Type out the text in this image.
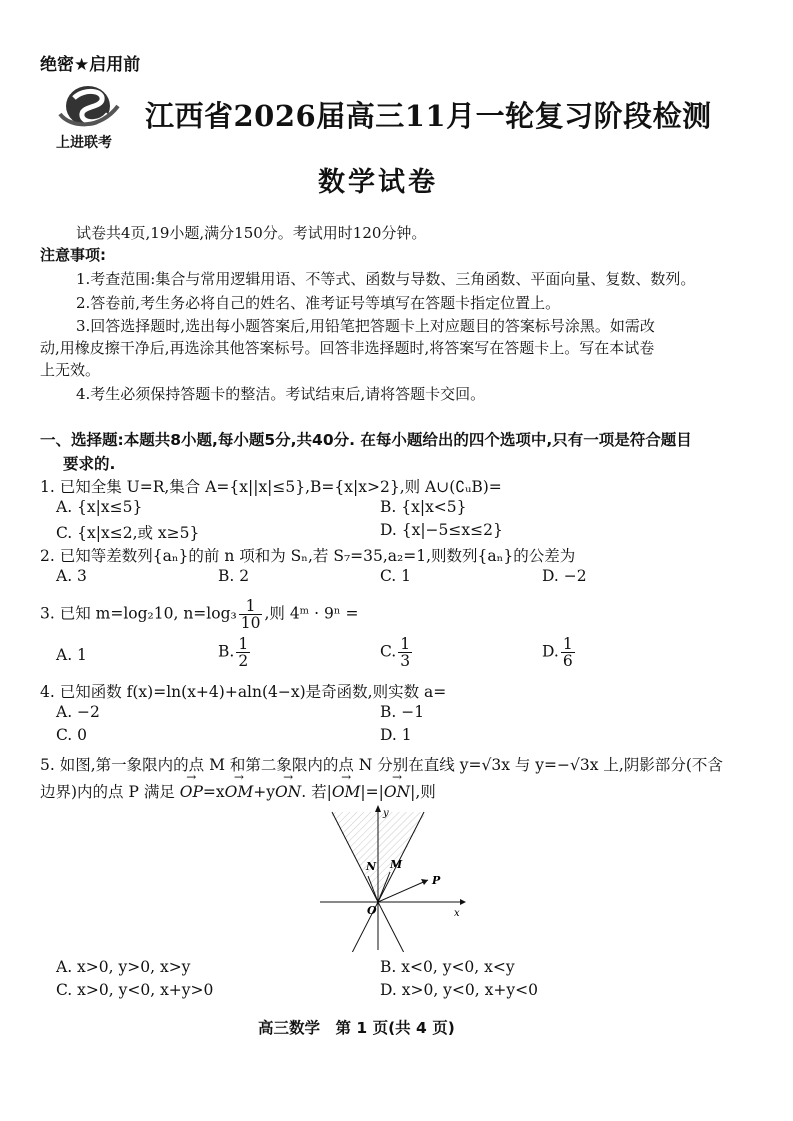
绝密★启用前
上进联考
江西省2026届高三11月一轮复习阶段检测
数学试卷
试卷共4页,19小题,满分150分。考试用时120分钟。
注意事项:
1.考查范围:集合与常用逻辑用语、不等式、函数与导数、三角函数、平面向量、复数、数列。
2.答卷前,考生务必将自己的姓名、准考证号等填写在答题卡指定位置上。
3.回答选择题时,选出每小题答案后,用铅笔把答题卡上对应题目的答案标号涂黑。如需改
动,用橡皮擦干净后,再选涂其他答案标号。回答非选择题时,将答案写在答题卡上。写在本试卷
上无效。
4.考生必须保持答题卡的整洁。考试结束后,请将答题卡交回。
一、选择题:本题共8小题,每小题5分,共40分. 在每小题给出的四个选项中,只有一项是符合题目
要求的.
1. 已知全集 U=R,集合 A={x||x|≤5},B={x|x>2},则 A∪(∁ᵤB)=
A. {x|x≤5}	B. {x|x<5}
C. {x|x≤2,或 x≥5}	D. {x|−5≤x≤2}
2. 已知等差数列{aₙ}的前 n 项和为 Sₙ,若 S₇=35,a₂=1,则数列{aₙ}的公差为
A. 3	B. 2	C. 1	D. −2
3. 已知 m=log₂10, $n=\log_3 \frac{1}{10}$ ,则 4ᵐ · 9ⁿ =
A. 1	B. $\frac{1}{2}$	C. $\frac{1}{3}$	D. $\frac{1}{6}$
4. 已知函数 f(x)=ln(x+4)+aln(4−x)是奇函数,则实数 a=
A. −2	B. −1
C. 0	D. 1
5. 如图,第一象限内的点 M 和第二象限内的点 N 分别在直线 y=√3x 与 y=−√3x 上,阴影部分(不含
边界)内的点 P 满足 → OP=x→ OM+y→ ON. 若|→ OM|=|→ ON|,则
y
x
O
N M
P
A. x>0, y>0, x>y	B. x<0, y<0, x<y
C. x>0, y<0, x+y>0	D. x>0, y<0, x+y<0
高三数学　第 1 页(共 4 页)
